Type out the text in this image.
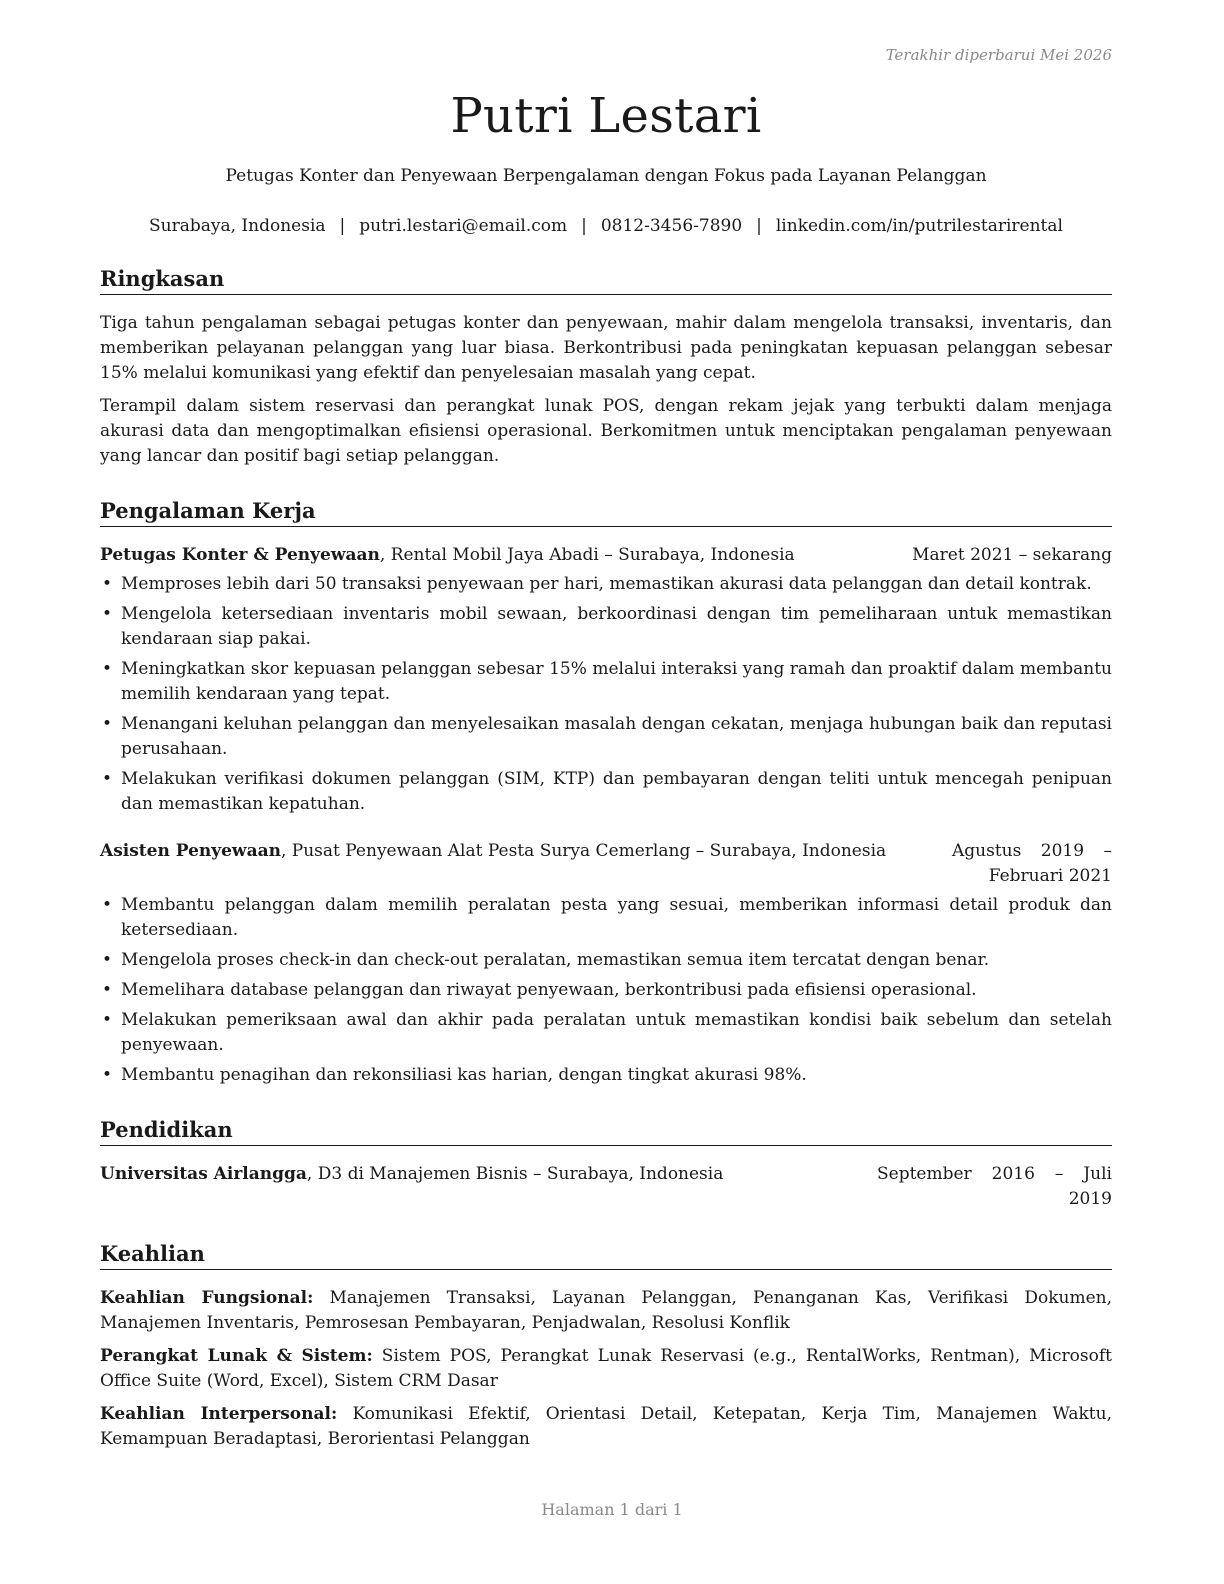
Terakhir diperbarui Mei 2026
Putri Lestari
Petugas Konter dan Penyewaan Berpengalaman dengan Fokus pada Layanan Pelanggan
Surabaya, Indonesia | putri.lestari@email.com | 0812-3456-7890 | linkedin.com/in/putrilestarirental
Ringkasan

Tiga tahun pengalaman sebagai petugas konter dan penyewaan, mahir dalam mengelola transaksi, inventaris, dan memberikan pelayanan pelanggan yang luar biasa. Berkontribusi pada peningkatan kepuasan pelanggan sebesar 15% melalui komunikasi yang efektif dan penyelesaian masalah yang cepat.

Terampil dalam sistem reservasi dan perangkat lunak POS, dengan rekam jejak yang terbukti dalam menjaga akurasi data dan mengoptimalkan efisiensi operasional. Berkomitmen untuk menciptakan pengalaman penyewaan yang lancar dan positif bagi setiap pelanggan.

Pengalaman Kerja
Petugas Konter & Penyewaan, Rental Mobil Jaya Abadi – Surabaya, Indonesia	Maret 2021 – sekarang
• Memproses lebih dari 50 transaksi penyewaan per hari, memastikan akurasi data pelanggan dan detail kontrak.
• Mengelola ketersediaan inventaris mobil sewaan, berkoordinasi dengan tim pemeliharaan untuk memastikan kendaraan siap pakai.
• Meningkatkan skor kepuasan pelanggan sebesar 15% melalui interaksi yang ramah dan proaktif dalam membantu memilih kendaraan yang tepat.
• Menangani keluhan pelanggan dan menyelesaikan masalah dengan cekatan, menjaga hubungan baik dan reputasi perusahaan.
• Melakukan verifikasi dokumen pelanggan (SIM, KTP) dan pembayaran dengan teliti untuk mencegah penipuan dan memastikan kepatuhan.
Asisten Penyewaan, Pusat Penyewaan Alat Pesta Surya Cemerlang – Surabaya, Indonesia	Agustus 2019 – Februari 2021
• Membantu pelanggan dalam memilih peralatan pesta yang sesuai, memberikan informasi detail produk dan ketersediaan.
• Mengelola proses check-in dan check-out peralatan, memastikan semua item tercatat dengan benar.
• Memelihara database pelanggan dan riwayat penyewaan, berkontribusi pada efisiensi operasional.
• Melakukan pemeriksaan awal dan akhir pada peralatan untuk memastikan kondisi baik sebelum dan setelah penyewaan.
• Membantu penagihan dan rekonsiliasi kas harian, dengan tingkat akurasi 98%.
Pendidikan
Universitas Airlangga, D3 di Manajemen Bisnis – Surabaya, Indonesia	September 2016 – Juli 2019
Keahlian

Keahlian Fungsional: Manajemen Transaksi, Layanan Pelanggan, Penanganan Kas, Verifikasi Dokumen, Manajemen Inventaris, Pemrosesan Pembayaran, Penjadwalan, Resolusi Konflik

Perangkat Lunak & Sistem: Sistem POS, Perangkat Lunak Reservasi (e.g., RentalWorks, Rentman), Microsoft Office Suite (Word, Excel), Sistem CRM Dasar

Keahlian Interpersonal: Komunikasi Efektif, Orientasi Detail, Ketepatan, Kerja Tim, Manajemen Waktu, Kemampuan Beradaptasi, Berorientasi Pelanggan

Halaman 1 dari 1
